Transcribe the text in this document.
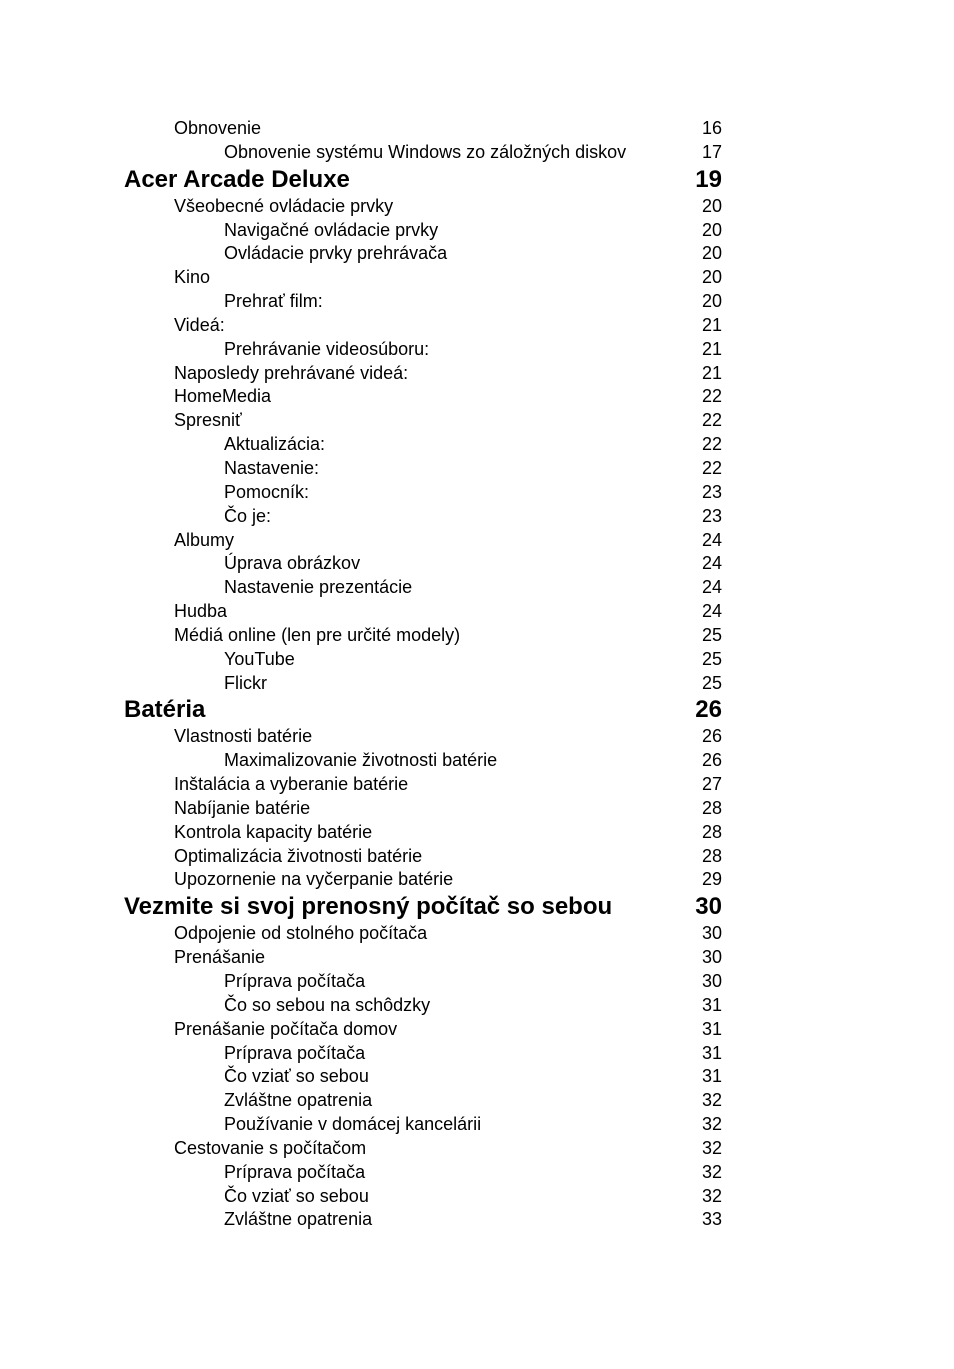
Obnovenie	16
Obnovenie systému Windows zo záložných diskov	17
Acer Arcade Deluxe	19
Všeobecné ovládacie prvky	20
Navigačné ovládacie prvky	20
Ovládacie prvky prehrávača	20
Kino	20
Prehrať film:	20
Videá:	21
Prehrávanie videosúboru:	21
Naposledy prehrávané videá:	21
HomeMedia	22
Spresniť	22
Aktualizácia:	22
Nastavenie:	22
Pomocník:	23
Čo je:	23
Albumy	24
Úprava obrázkov	24
Nastavenie prezentácie	24
Hudba	24
Médiá online (len pre určité modely)	25
YouTube	25
Flickr	25
Batéria	26
Vlastnosti batérie	26
Maximalizovanie životnosti batérie	26
Inštalácia a vyberanie batérie	27
Nabíjanie batérie	28
Kontrola kapacity batérie	28
Optimalizácia životnosti batérie	28
Upozornenie na vyčerpanie batérie	29
Vezmite si svoj prenosný počítač so sebou	30
Odpojenie od stolného počítača	30
Prenášanie	30
Príprava počítača	30
Čo so sebou na schôdzky	31
Prenášanie počítača domov	31
Príprava počítača	31
Čo vziať so sebou	31
Zvláštne opatrenia	32
Používanie v domácej kancelárii	32
Cestovanie s počítačom	32
Príprava počítača	32
Čo vziať so sebou	32
Zvláštne opatrenia	33
